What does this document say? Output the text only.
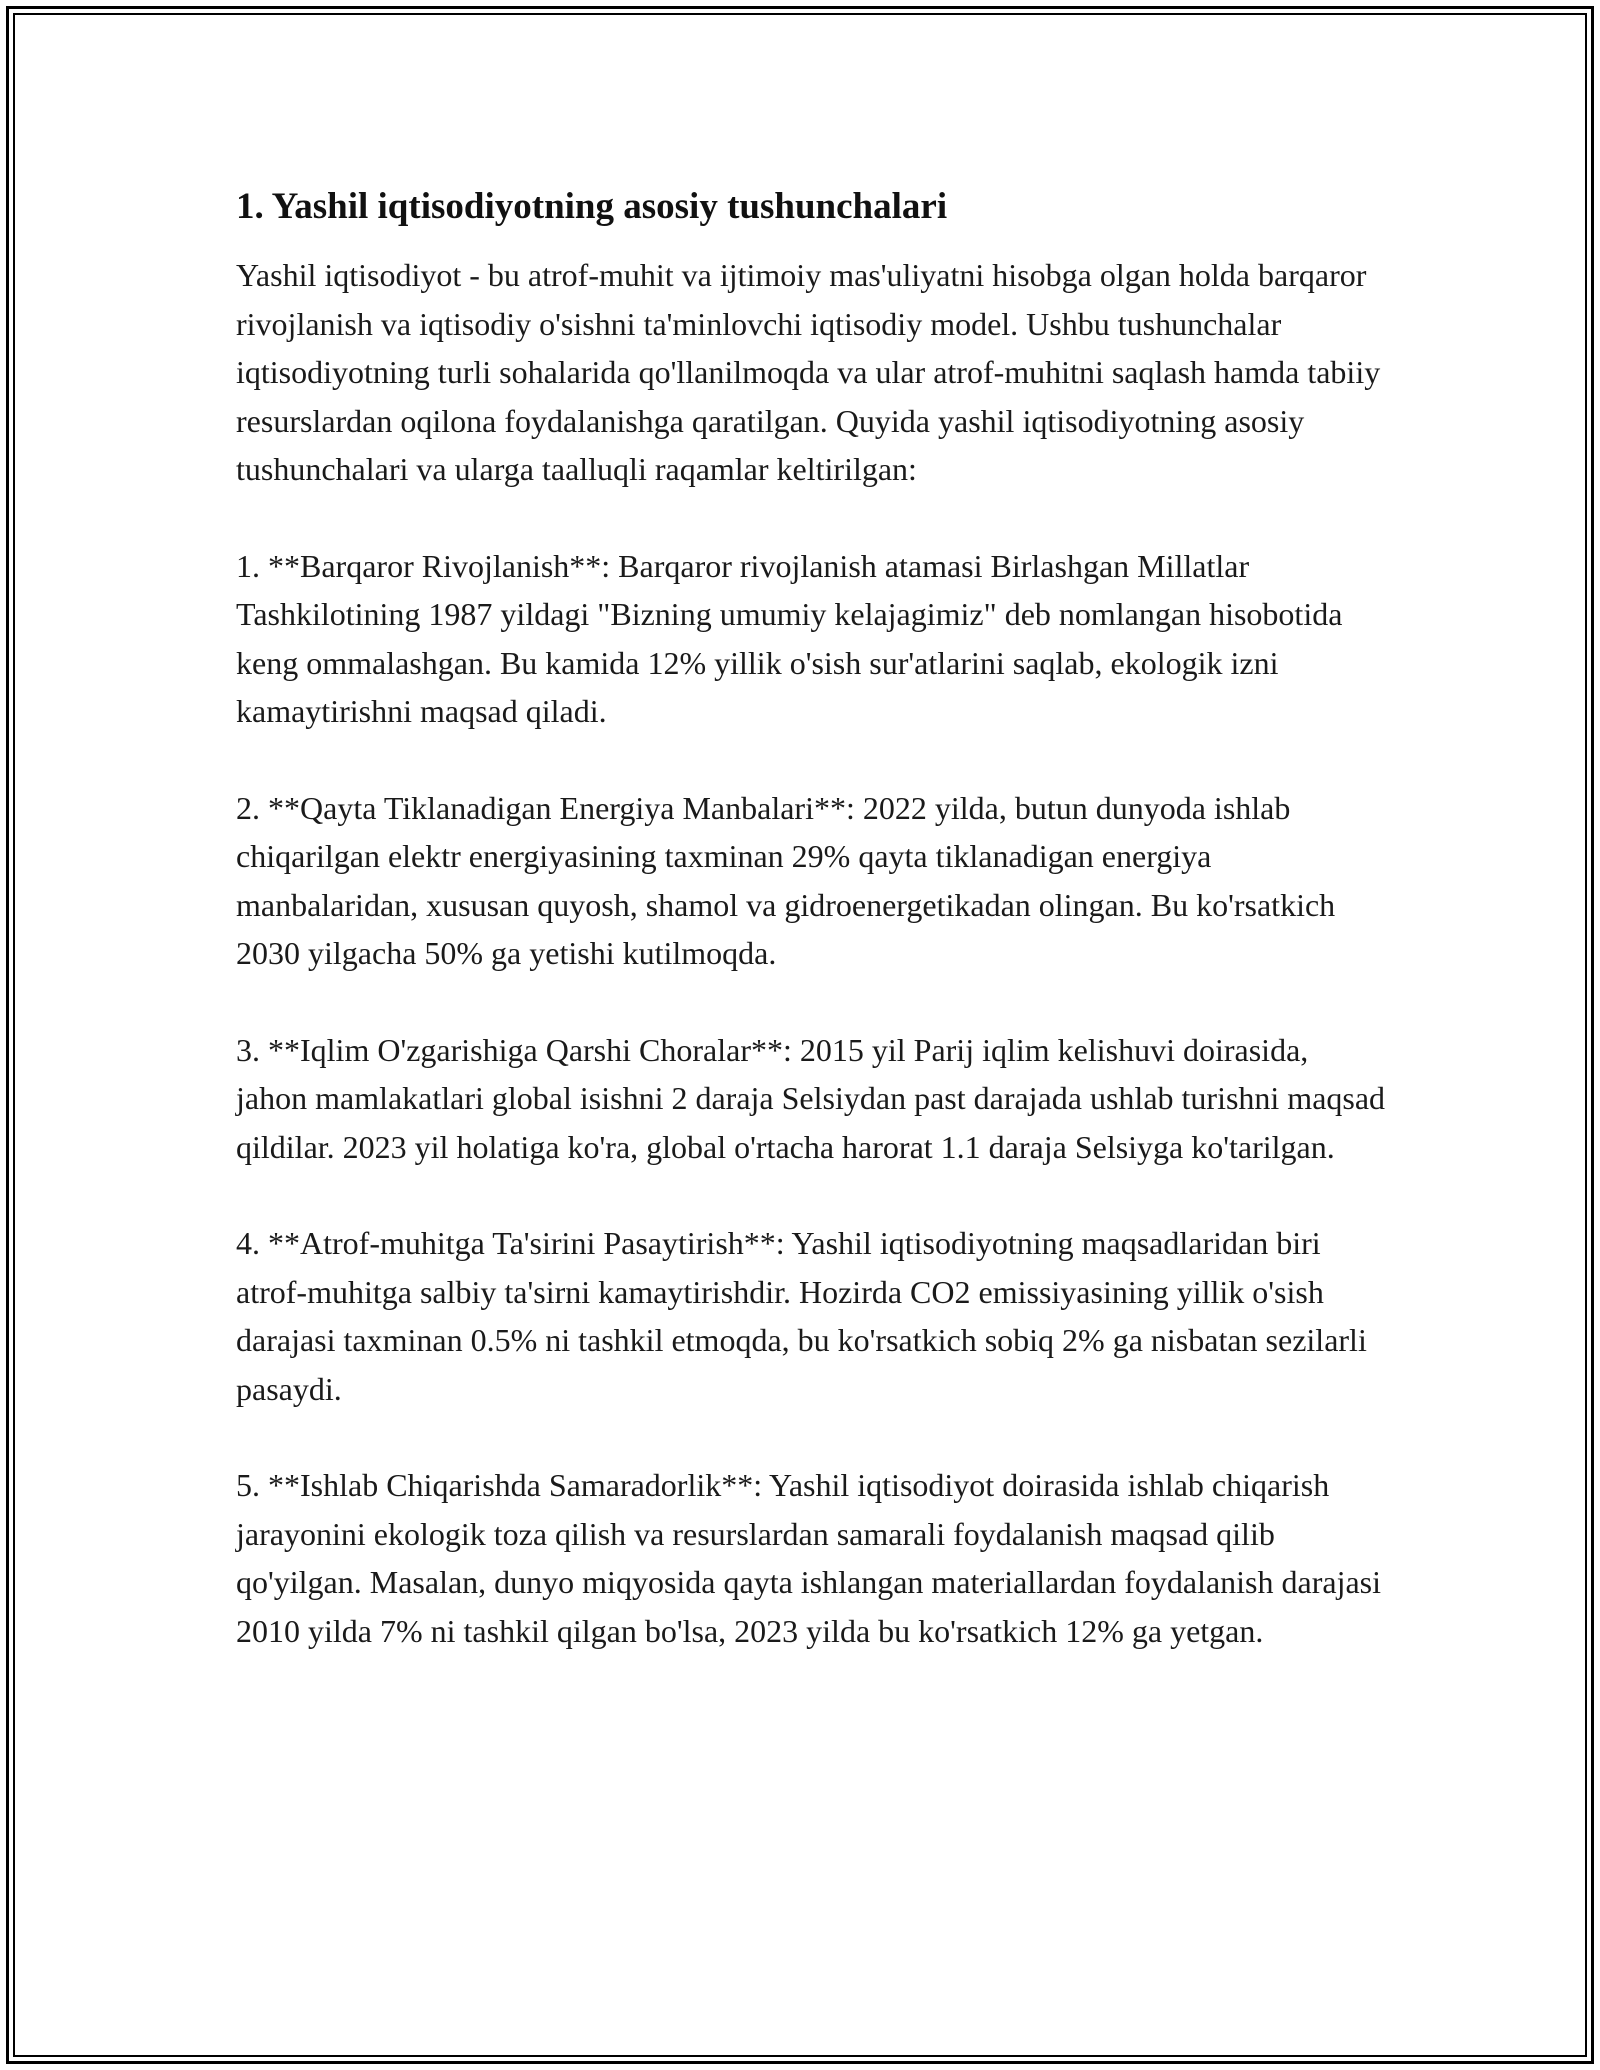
1. Yashil iqtisodiyotning asosiy tushunchalari

Yashil iqtisodiyot - bu atrof-muhit va ijtimoiy mas'uliyatni hisobga olgan holda barqaror rivojlanish va iqtisodiy o'sishni ta'minlovchi iqtisodiy model. Ushbu tushunchalar iqtisodiyotning turli sohalarida qo'llanilmoqda va ular atrof-muhitni saqlash hamda tabiiy resurslardan oqilona foydalanishga qaratilgan. Quyida yashil iqtisodiyotning asosiy tushunchalari va ularga taalluqli raqamlar keltirilgan:

1. **Barqaror Rivojlanish**: Barqaror rivojlanish atamasi Birlashgan Millatlar Tashkilotining 1987 yildagi "Bizning umumiy kelajagimiz" deb nomlangan hisobotida keng ommalashgan. Bu kamida 12% yillik o'sish sur'atlarini saqlab, ekologik izni kamaytirishni maqsad qiladi.

2. **Qayta Tiklanadigan Energiya Manbalari**: 2022 yilda, butun dunyoda ishlab chiqarilgan elektr energiyasining taxminan 29% qayta tiklanadigan energiya manbalaridan, xususan quyosh, shamol va gidroenergetikadan olingan. Bu ko'rsatkich 2030 yilgacha 50% ga yetishi kutilmoqda.

3. **Iqlim O'zgarishiga Qarshi Choralar**: 2015 yil Parij iqlim kelishuvi doirasida, jahon mamlakatlari global isishni 2 daraja Selsiydan past darajada ushlab turishni maqsad qildilar. 2023 yil holatiga ko'ra, global o'rtacha harorat 1.1 daraja Selsiyga ko'tarilgan.

4. **Atrof-muhitga Ta'sirini Pasaytirish**: Yashil iqtisodiyotning maqsadlaridan biri atrof-muhitga salbiy ta'sirni kamaytirishdir. Hozirda CO2 emissiyasining yillik o'sish darajasi taxminan 0.5% ni tashkil etmoqda, bu ko'rsatkich sobiq 2% ga nisbatan sezilarli pasaydi.

5. **Ishlab Chiqarishda Samaradorlik**: Yashil iqtisodiyot doirasida ishlab chiqarish jarayonini ekologik toza qilish va resurslardan samarali foydalanish maqsad qilib qo'yilgan. Masalan, dunyo miqyosida qayta ishlangan materiallardan foydalanish darajasi 2010 yilda 7% ni tashkil qilgan bo'lsa, 2023 yilda bu ko'rsatkich 12% ga yetgan.
